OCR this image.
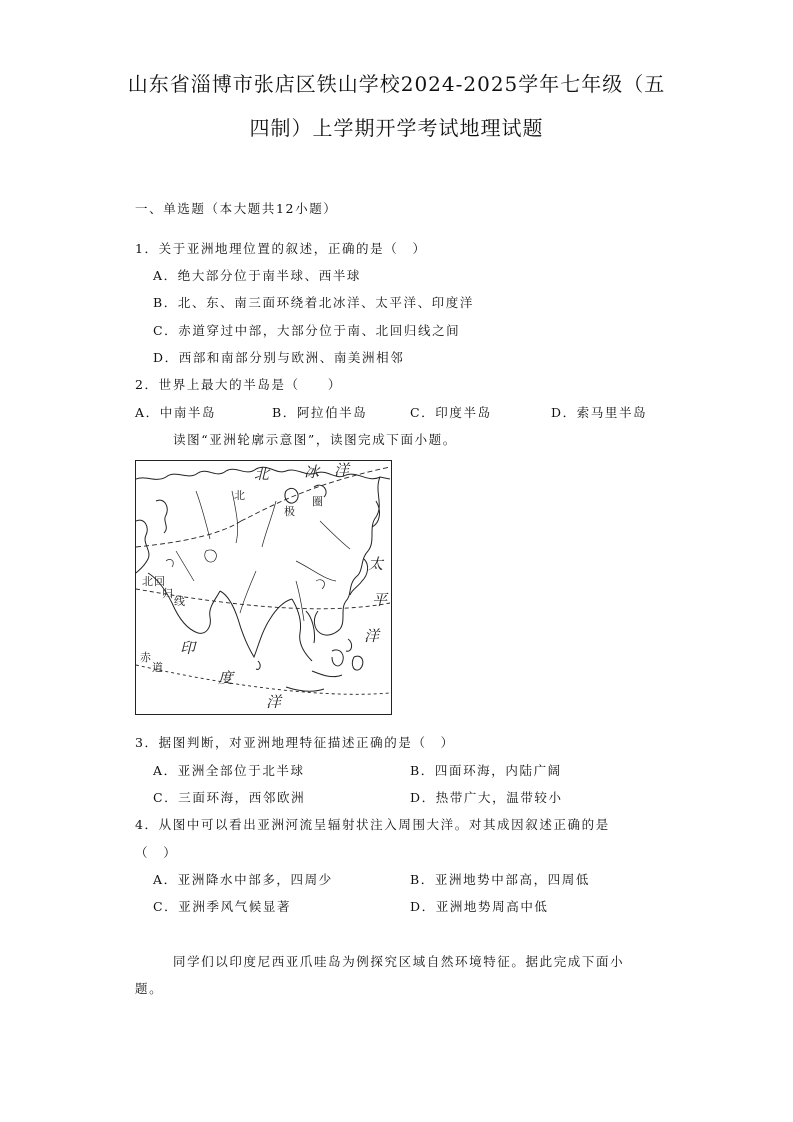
山东省淄博市张店区铁山学校2024-2025学年七年级（五
四制）上学期开学考试地理试题
一、单选题（本大题共12小题）
1．关于亚洲地理位置的叙述，正确的是（　）
A．绝大部分位于南半球、西半球
B．北、东、南三面环绕着北冰洋、太平洋、印度洋
C．赤道穿过中部，大部分位于南、北回归线之间
D．西部和南部分别与欧洲、南美洲相邻
2．世界上最大的半岛是（　　）
A．中南半岛	B．阿拉伯半岛	C．印度半岛	D．索马里半岛
读图“亚洲轮廓示意图”，读图完成下面小题。
北 冰 洋
太
平
洋
印
度
洋
北
极
圈
北 回
归
线
赤
道
3．据图判断，对亚洲地理特征描述正确的是（　）
A．亚洲全部位于北半球	B．四面环海，内陆广阔
C．三面环海，西邻欧洲	D．热带广大，温带较小
4．从图中可以看出亚洲河流呈辐射状注入周围大洋。对其成因叙述正确的是
（　）
A．亚洲降水中部多，四周少	B．亚洲地势中部高，四周低
C．亚洲季风气候显著	D．亚洲地势周高中低
同学们以印度尼西亚爪哇岛为例探究区域自然环境特征。据此完成下面小
题。
